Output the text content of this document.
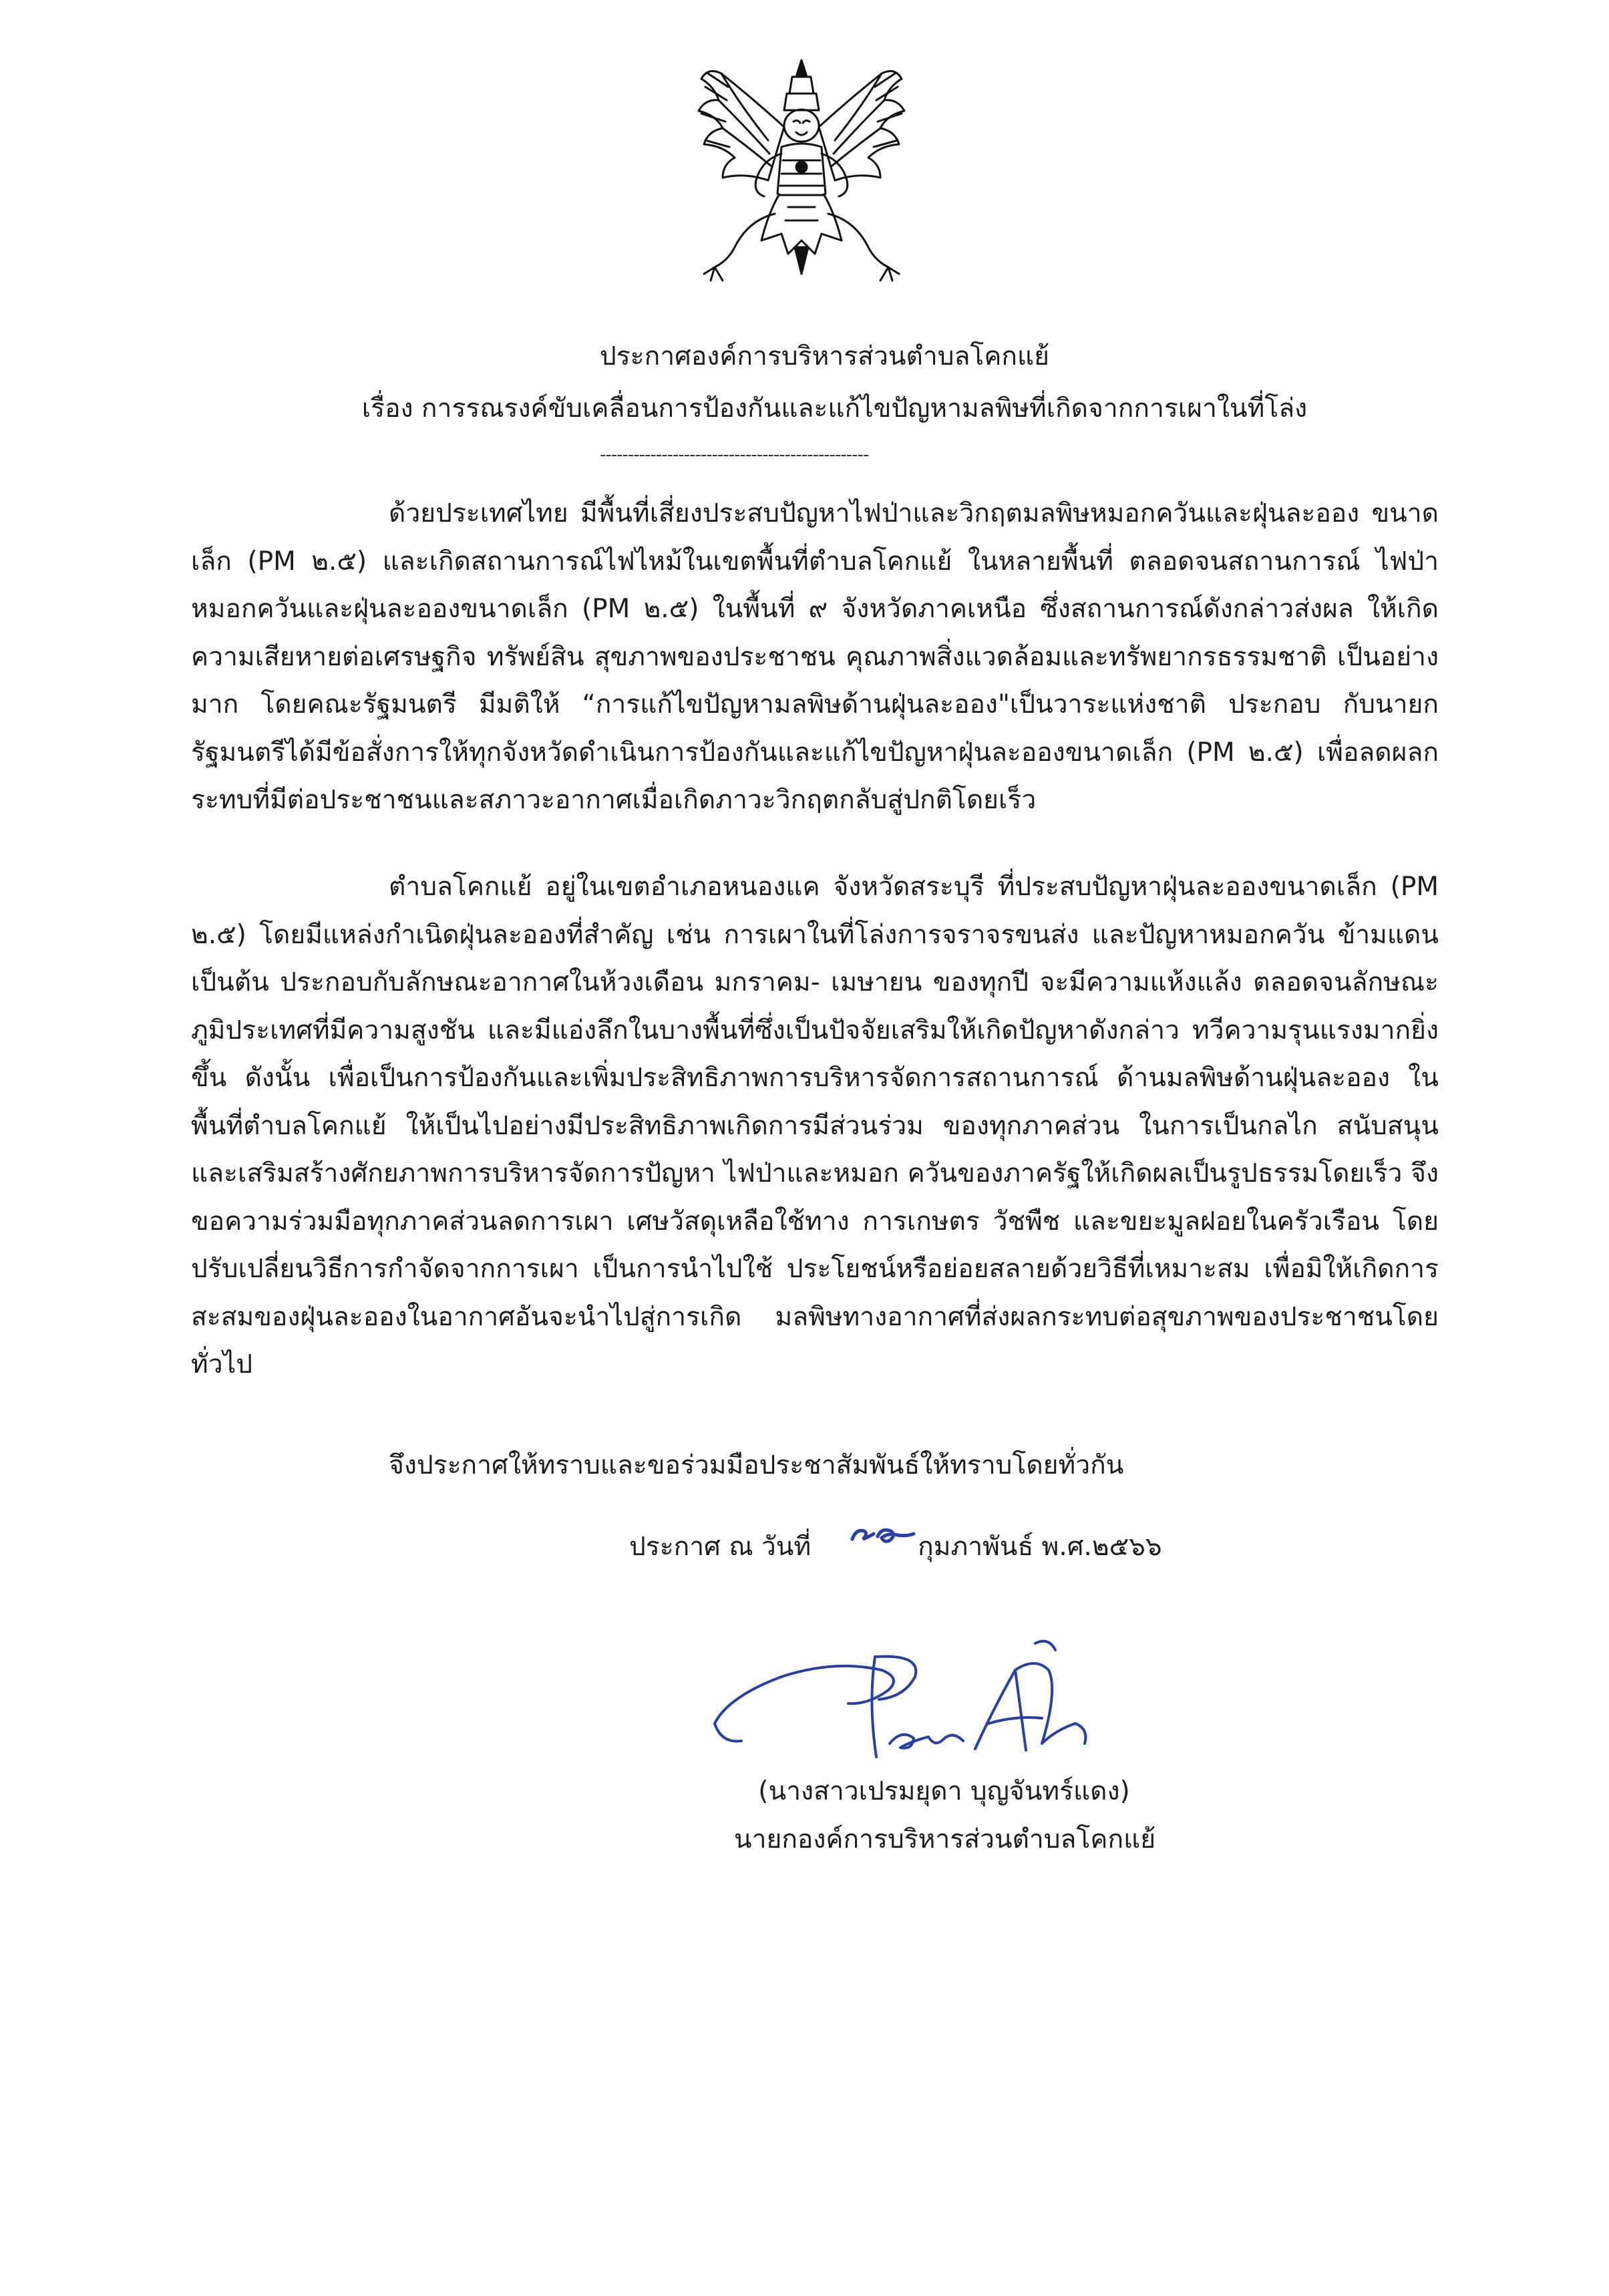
ประกาศองค์การบริหารส่วนตำบลโคกแย้
เรื่อง การรณรงค์ขับเคลื่อนการป้องกันและแก้ไขปัญหามลพิษที่เกิดจากการเผาในที่โล่ง
------------------------------------------------
ด้วยประเทศไทย มีพื้นที่เสี่ยงประสบปัญหาไฟป่าและวิกฤตมลพิษหมอกควันและฝุ่นละออง ขนาดเล็ก (PM ๒.๕) และเกิดสถานการณ์ไฟไหม้ในเขตพื้นที่ตำบลโคกแย้ ในหลายพื้นที่ ตลอดจนสถานการณ์ ไฟป่าหมอกควันและฝุ่นละอองขนาดเล็ก (PM ๒.๕) ในพื้นที่ ๙ จังหวัดภาคเหนือ ซึ่งสถานการณ์ดังกล่าวส่งผล ให้เกิดความเสียหายต่อเศรษฐกิจ ทรัพย์สิน สุขภาพของประชาชน คุณภาพสิ่งแวดล้อมและทรัพยากรธรรมชาติ เป็นอย่างมาก โดยคณะรัฐมนตรี มีมติให้ “การแก้ไขปัญหามลพิษด้านฝุ่นละออง"เป็นวาระแห่งชาติ ประกอบ กับนายกรัฐมนตรีได้มีข้อสั่งการให้ทุกจังหวัดดำเนินการป้องกันและแก้ไขปัญหาฝุ่นละอองขนาดเล็ก (PM ๒.๕) เพื่อลดผลกระทบที่มีต่อประชาชนและสภาวะอากาศเมื่อเกิดภาวะวิกฤตกลับสู่ปกติโดยเร็ว
ตำบลโคกแย้ อยู่ในเขตอำเภอหนองแค จังหวัดสระบุรี ที่ประสบปัญหาฝุ่นละอองขนาดเล็ก (PM ๒.๕) โดยมีแหล่งกำเนิดฝุ่นละอองที่สำคัญ เช่น การเผาในที่โล่งการจราจรขนส่ง และปัญหาหมอกควัน ข้ามแดน เป็นต้น ประกอบกับลักษณะอากาศในห้วงเดือน มกราคม- เมษายน ของทุกปี จะมีความแห้งแล้ง ตลอดจนลักษณะภูมิประเทศที่มีความสูงชัน และมีแอ่งลึกในบางพื้นที่ซึ่งเป็นปัจจัยเสริมให้เกิดปัญหาดังกล่าว ทวีความรุนแรงมากยิ่งขึ้น ดังนั้น เพื่อเป็นการป้องกันและเพิ่มประสิทธิภาพการบริหารจัดการสถานการณ์ ด้านมลพิษด้านฝุ่นละออง ในพื้นที่ตำบลโคกแย้ ให้เป็นไปอย่างมีประสิทธิภาพเกิดการมีส่วนร่วม ของทุกภาคส่วน ในการเป็นกลไก สนับสนุนและเสริมสร้างศักยภาพการบริหารจัดการปัญหา ไฟป่าและหมอก ควันของภาครัฐให้เกิดผลเป็นรูปธรรมโดยเร็ว จึงขอความร่วมมือทุกภาคส่วนลดการเผา เศษวัสดุเหลือใช้ทาง การเกษตร วัชพืช และขยะมูลฝอยในครัวเรือน โดยปรับเปลี่ยนวิธีการกำจัดจากการเผา เป็นการนำไปใช้ ประโยชน์หรือย่อยสลายด้วยวิธีที่เหมาะสม เพื่อมิให้เกิดการสะสมของฝุ่นละอองในอากาศอันจะนำไปสู่การเกิด มลพิษทางอากาศที่ส่งผลกระทบต่อสุขภาพของประชาชนโดยทั่วไป
จึงประกาศให้ทราบและขอร่วมมือประชาสัมพันธ์ให้ทราบโดยทั่วกัน
ประกาศ ณ วันที่	กุมภาพันธ์ พ.ศ.๒๕๖๖
(นางสาวเปรมยุดา บุญจันทร์แดง)
นายกองค์การบริหารส่วนตำบลโคกแย้
